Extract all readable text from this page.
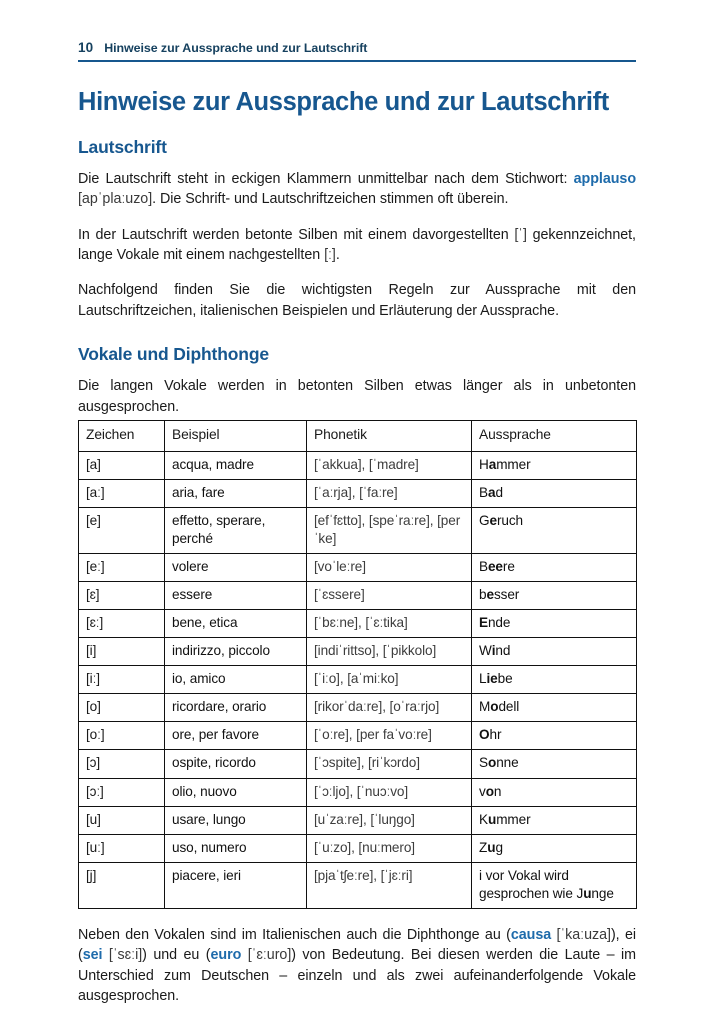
10 Hinweise zur Aussprache und zur Lautschrift
Hinweise zur Aussprache und zur Lautschrift
Lautschrift

Die Lautschrift steht in eckigen Klammern unmittelbar nach dem Stichwort: applauso [apˈplaːuzo]. Die Schrift- und Lautschriftzeichen stimmen oft überein.

In der Lautschrift werden betonte Silben mit einem davorgestellten [ˈ] gekennzeichnet, lange Vokale mit einem nachgestellten [ː].

Nachfolgend finden Sie die wichtigsten Regeln zur Aussprache mit den Lautschriftzeichen, italienischen Beispielen und Erläuterung der Aussprache.

Vokale und Diphthonge

Die langen Vokale werden in betonten Silben etwas länger als in unbetonten ausgesprochen.

Zeichen	Beispiel	Phonetik	Aussprache
[a]	acqua, madre	[ˈakkua], [ˈmadre]	Hammer
[aː]	aria, fare	[ˈaːrja], [ˈfaːre]	Bad
[e]	effetto, sperare, perché	[efˈfɛtto], [speˈraːre], [perˈke]	Geruch
[eː]	volere	[voˈleːre]	Beere
[ɛ]	essere	[ˈɛssere]	besser
[ɛː]	bene, etica	[ˈbɛːne], [ˈɛːtika]	Ende
[i]	indirizzo, piccolo	[indiˈrittso], [ˈpikkolo]	Wind
[iː]	io, amico	[ˈiːo], [aˈmiːko]	Liebe
[o]	ricordare, orario	[rikorˈdaːre], [oˈraːrjo]	Modell
[oː]	ore, per favore	[ˈoːre], [per faˈvoːre]	Ohr
[ɔ]	ospite, ricordo	[ˈɔspite], [riˈkɔrdo]	Sonne
[ɔː]	olio, nuovo	[ˈɔːljo], [ˈnuɔːvo]	von
[u]	usare, lungo	[uˈzaːre], [ˈluŋgo]	Kummer
[uː]	uso, numero	[ˈuːzo], [nuːmero]	Zug
[j]	piacere, ieri	[pjaˈtʃeːre], [ˈjɛːri]	i vor Vokal wird gesprochen wie Junge

Neben den Vokalen sind im Italienischen auch die Diphthonge au (causa [ˈkaːuza]), ei (sei [ˈsɛːi]) und eu (euro [ˈɛːuro]) von Bedeutung. Bei diesen werden die Laute – im Unterschied zum Deutschen – einzeln und als zwei aufeinanderfolgende Vokale ausgesprochen.
